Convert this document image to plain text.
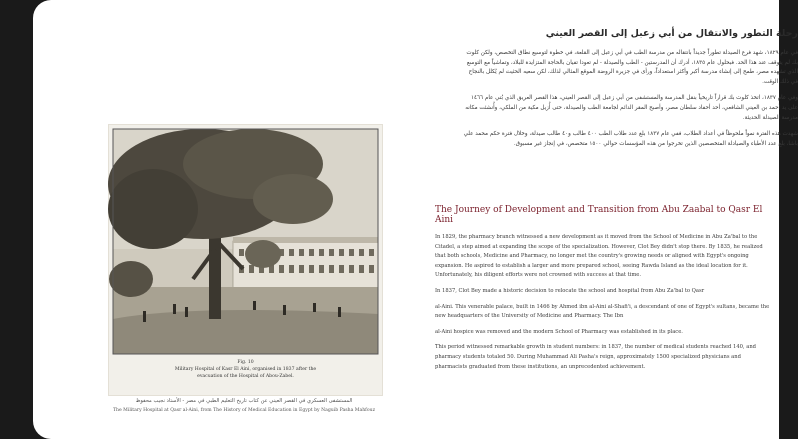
رحلة التطور والانتقال من أبي زعبل إلى القصر العيني

في عام ١٨٢٩، شهد فرع الصيدلة تطوراً جديداً بانتقاله من مدرسة الطب في أبي زعبل إلى القلعة، في خطوة لتوسيع نطاق التخصص، ولكن كلوت بك لم يتوقف عند هذا الحد. فبحلول عام ١٨٣٥، أدرك أن المدرستين - الطب والصيدلة - لم تعودا تفيان بالحاجة المتزايدة للبلاد، وتماشياً مع التوسع الذي تشهده مصر، طمح إلى إنشاء مدرسة أكبر وأكثر استعداداً، ورأى في جزيرة الروضة الموقع المثالي لذلك، لكن سعيه الحثيث لم يُكلل بالنجاح في ذلك الوقت.

وفي عام ١٨٣٧، اتخذ كلوت بك قراراً تاريخياً بنقل المدرسة والمستشفى من أبي زعبل إلى القصر العيني، هذا القصر العريق الذي بُني عام ١٤٦٦ على يد أحمد بن العيني الشافعي، أحد أحفاد سلطان مصر، وأصبح المقر الدائم لجامعة الطب والصيدلة، حتى أُزيل مكية من الملكي، وأُنشئت مكانه مدرسة الصيدلة الحديثة.

شهدت هذه الفترة نمواً ملحوظاً في أعداد الطلاب، ففي عام ١٨٣٧ بلغ عدد طلاب الطب ٤٠٠ طالب و٤٠ طالب صيدلة، وخلال فترة حكم محمد علي باشا، بلغ عدد الأطباء والصيادلة المتخصصين الذين تخرجوا من هذه المؤسسات حوالي ١٥٠٠ متخصص، في إنجاز غير مسبوق.

Fig. 10
Military Hospital of Kasr El Aini, organised in 1837 after the
evacuation of the Hospital of Abou-Zabel.
المستشفى العسكري في القصر العيني عن كتاب تاريخ التعليم الطبي في مصر - الأستاذ نجيب محفوظ
The Military Hospital at Qasr al-Aini, from The History of Medical Education in Egypt by Naguib Pasha Mahfouz
The Journey of Development and Transition from Abu Zaabal to Qasr El Aini

In 1829, the pharmacy branch witnessed a new development as it moved from the School of Medicine in Abu Za'bal to the Citadel, a step aimed at expanding the scope of the specialization. However, Clot Bey didn't stop there. By 1835, he realized that both schools, Medicine and Pharmacy, no longer met the country's growing needs or aligned with Egypt's ongoing expansion. He aspired to establish a larger and more prepared school, seeing Rawda Island as the ideal location for it. Unfortunately, his diligent efforts were not crowned with success at that time.

In 1837, Clot Bey made a historic decision to relocate the school and hospital from Abu Za'bal to Qasr

al-Aini. This venerable palace, built in 1466 by Ahmed ibn al-Aini al-Shafi'i, a descendant of one of Egypt's sultans, became the new headquarters of the University of Medicine and Pharmacy. The Ibn

al-Aini hospice was removed and the modern School of Pharmacy was established in its place.

This period witnessed remarkable growth in student numbers: in 1837, the number of medical students reached 140, and pharmacy students totaled 50. During Muhammad Ali Pasha's reign, approximately 1500 specialized physicians and pharmacists graduated from these institutions, an unprecedented achievement.
